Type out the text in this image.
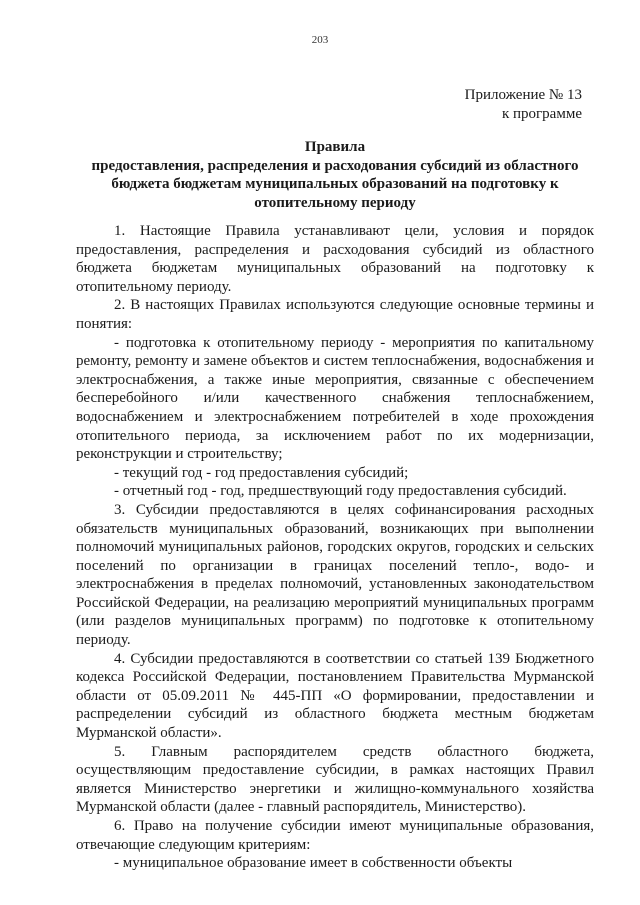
203
Приложение № 13
к программе
Правила
предоставления, распределения и расходования субсидий из областного бюджета бюджетам муниципальных образований на подготовку к отопительному периоду

1. Настоящие Правила устанавливают цели, условия и порядок предоставления, распределения и расходования субсидий из областного бюджета бюджетам муниципальных образований на подготовку к отопительному периоду.

2. В настоящих Правилах используются следующие основные термины и понятия:

- подготовка к отопительному периоду - мероприятия по капитальному ремонту, ремонту и замене объектов и систем теплоснабжения, водоснабжения и электроснабжения, а также иные мероприятия, связанные с обеспечением бесперебойного и/или качественного снабжения теплоснабжением, водоснабжением и электроснабжением потребителей в ходе прохождения отопительного периода, за исключением работ по их модернизации, реконструкции и строительству;

- текущий год - год предоставления субсидий;

- отчетный год - год, предшествующий году предоставления субсидий.

3. Субсидии предоставляются в целях софинансирования расходных обязательств муниципальных образований, возникающих при выполнении полномочий муниципальных районов, городских округов, городских и сельских поселений по организации в границах поселений тепло-, водо- и электроснабжения в пределах полномочий, установленных законодательством Российской Федерации, на реализацию мероприятий муниципальных программ (или разделов муниципальных программ) по подготовке к отопительному периоду.

4. Субсидии предоставляются в соответствии со статьей 139 Бюджетного кодекса Российской Федерации, постановлением Правительства Мурманской области от 05.09.2011 № 445-ПП «О формировании, предоставлении и распределении субсидий из областного бюджета местным бюджетам Мурманской области».

5. Главным распорядителем средств областного бюджета, осуществляющим предоставление субсидии, в рамках настоящих Правил является Министерство энергетики и жилищно-коммунального хозяйства Мурманской области (далее - главный распорядитель, Министерство).

6. Право на получение субсидии имеют муниципальные образования, отвечающие следующим критериям:

- муниципальное образование имеет в собственности объекты
